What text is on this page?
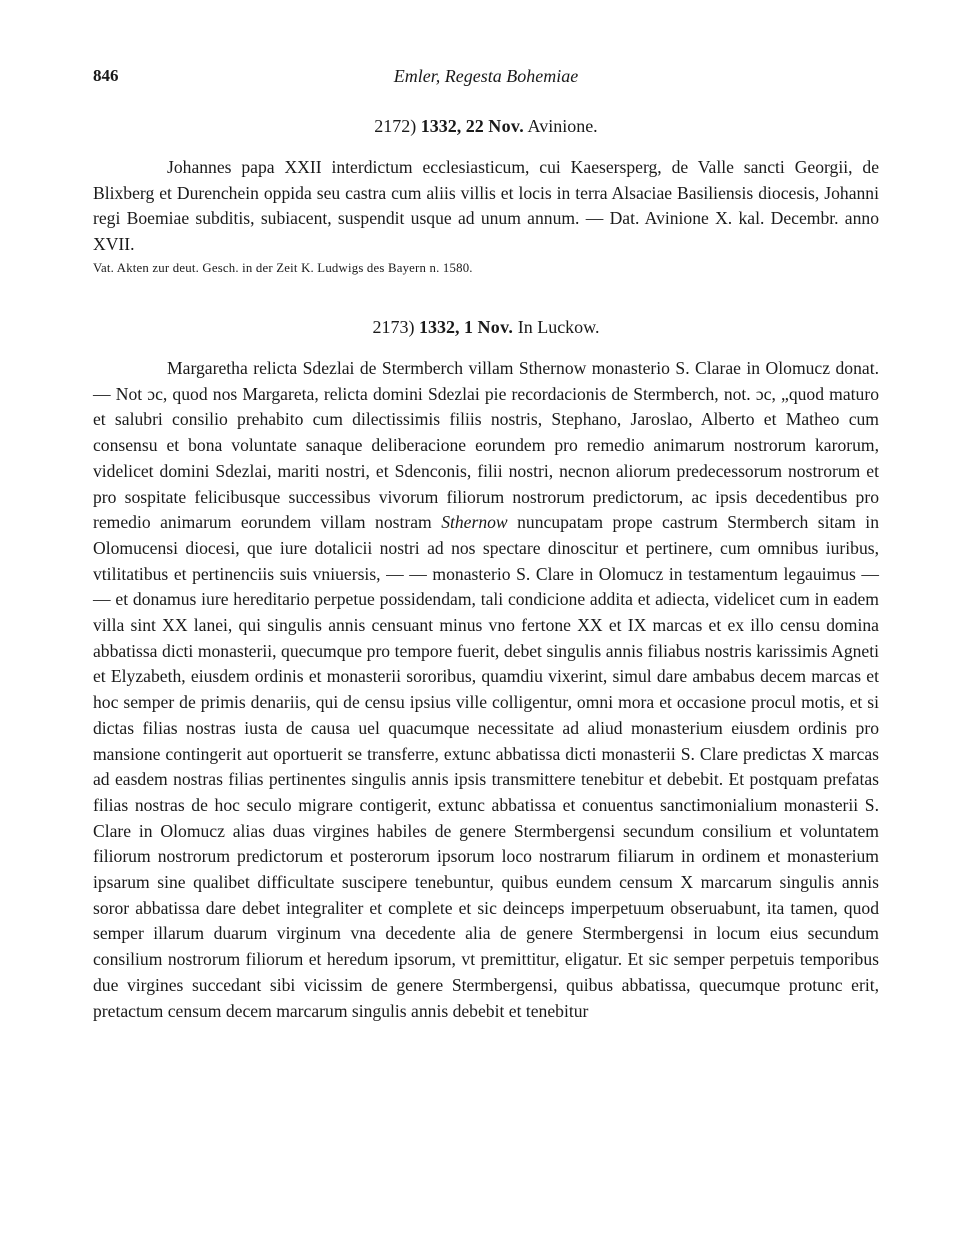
846	Emler, Regesta Bohemiae
2172) 1332, 22 Nov. Avinione.

Johannes papa XXII interdictum ecclesiasticum, cui Kaesersperg, de Valle sancti Georgii, de Blixberg et Durenchein oppida seu castra cum aliis villis et locis in terra Alsaciae Basiliensis diocesis, Johanni regi Boemiae subditis, subiacent, suspendit usque ad unum annum. — Dat. Avinione X. kal. Decembr. anno XVII.

Vat. Akten zur deut. Gesch. in der Zeit K. Ludwigs des Bayern n. 1580.

2173) 1332, 1 Nov. In Luckow.

Margaretha relicta Sdezlai de Stermberch villam Sthernow monasterio S. Clarae in Olomucz donat. — Not ɔc, quod nos Margareta, relicta domini Sdezlai pie recordacionis de Stermberch, not. ɔc, „quod maturo et salubri consilio prehabito cum dilectissimis filiis nostris, Stephano, Jaroslao, Alberto et Matheo cum consensu et bona voluntate sanaque deliberacione eorundem pro remedio animarum nostrorum karorum, videlicet domini Sdezlai, mariti nostri, et Sdenconis, filii nostri, necnon aliorum predecessorum nostrorum et pro sospitate felicibusque successibus vivorum filiorum nostrorum predictorum, ac ipsis decedentibus pro remedio animarum eorundem villam nostram Sthernow nuncupatam prope castrum Stermberch sitam in Olomucensi diocesi, que iure dotalicii nostri ad nos spectare dinoscitur et pertinere, cum omnibus iuribus, vtilitatibus et pertinenciis suis vniuersis, — — monasterio S. Clare in Olomucz in testamentum legauimus — — et donamus iure hereditario perpetue possidendam, tali condicione addita et adiecta, videlicet cum in eadem villa sint XX lanei, qui singulis annis censuant minus vno fertone XX et IX marcas et ex illo censu domina abbatissa dicti monasterii, quecumque pro tempore fuerit, debet singulis annis filiabus nostris karissimis Agneti et Elyzabeth, eiusdem ordinis et monasterii sororibus, quamdiu vixerint, simul dare ambabus decem marcas et hoc semper de primis denariis, qui de censu ipsius ville colligentur, omni mora et occasione procul motis, et si dictas filias nostras iusta de causa uel quacumque necessitate ad aliud monasterium eiusdem ordinis pro mansione contingerit aut oportuerit se transferre, extunc abbatissa dicti monasterii S. Clare predictas X marcas ad easdem nostras filias pertinentes singulis annis ipsis transmittere tenebitur et debebit. Et postquam prefatas filias nostras de hoc seculo migrare contigerit, extunc abbatissa et conuentus sanctimonialium monasterii S. Clare in Olomucz alias duas virgines habiles de genere Stermbergensi secundum consilium et voluntatem filiorum nostrorum predictorum et posterorum ipsorum loco nostrarum filiarum in ordinem et monasterium ipsarum sine qualibet difficultate suscipere tenebuntur, quibus eundem censum X marcarum singulis annis soror abbatissa dare debet integraliter et complete et sic deinceps imperpetuum obseruabunt, ita tamen, quod semper illarum duarum virginum vna decedente alia de genere Stermbergensi in locum eius secundum consilium nostrorum filiorum et heredum ipsorum, vt premittitur, eligatur. Et sic semper perpetuis temporibus due virgines succedant sibi vicissim de genere Stermbergensi, quibus abbatissa, quecumque protunc erit, pretactum censum decem marcarum singulis annis debebit et tenebitur
